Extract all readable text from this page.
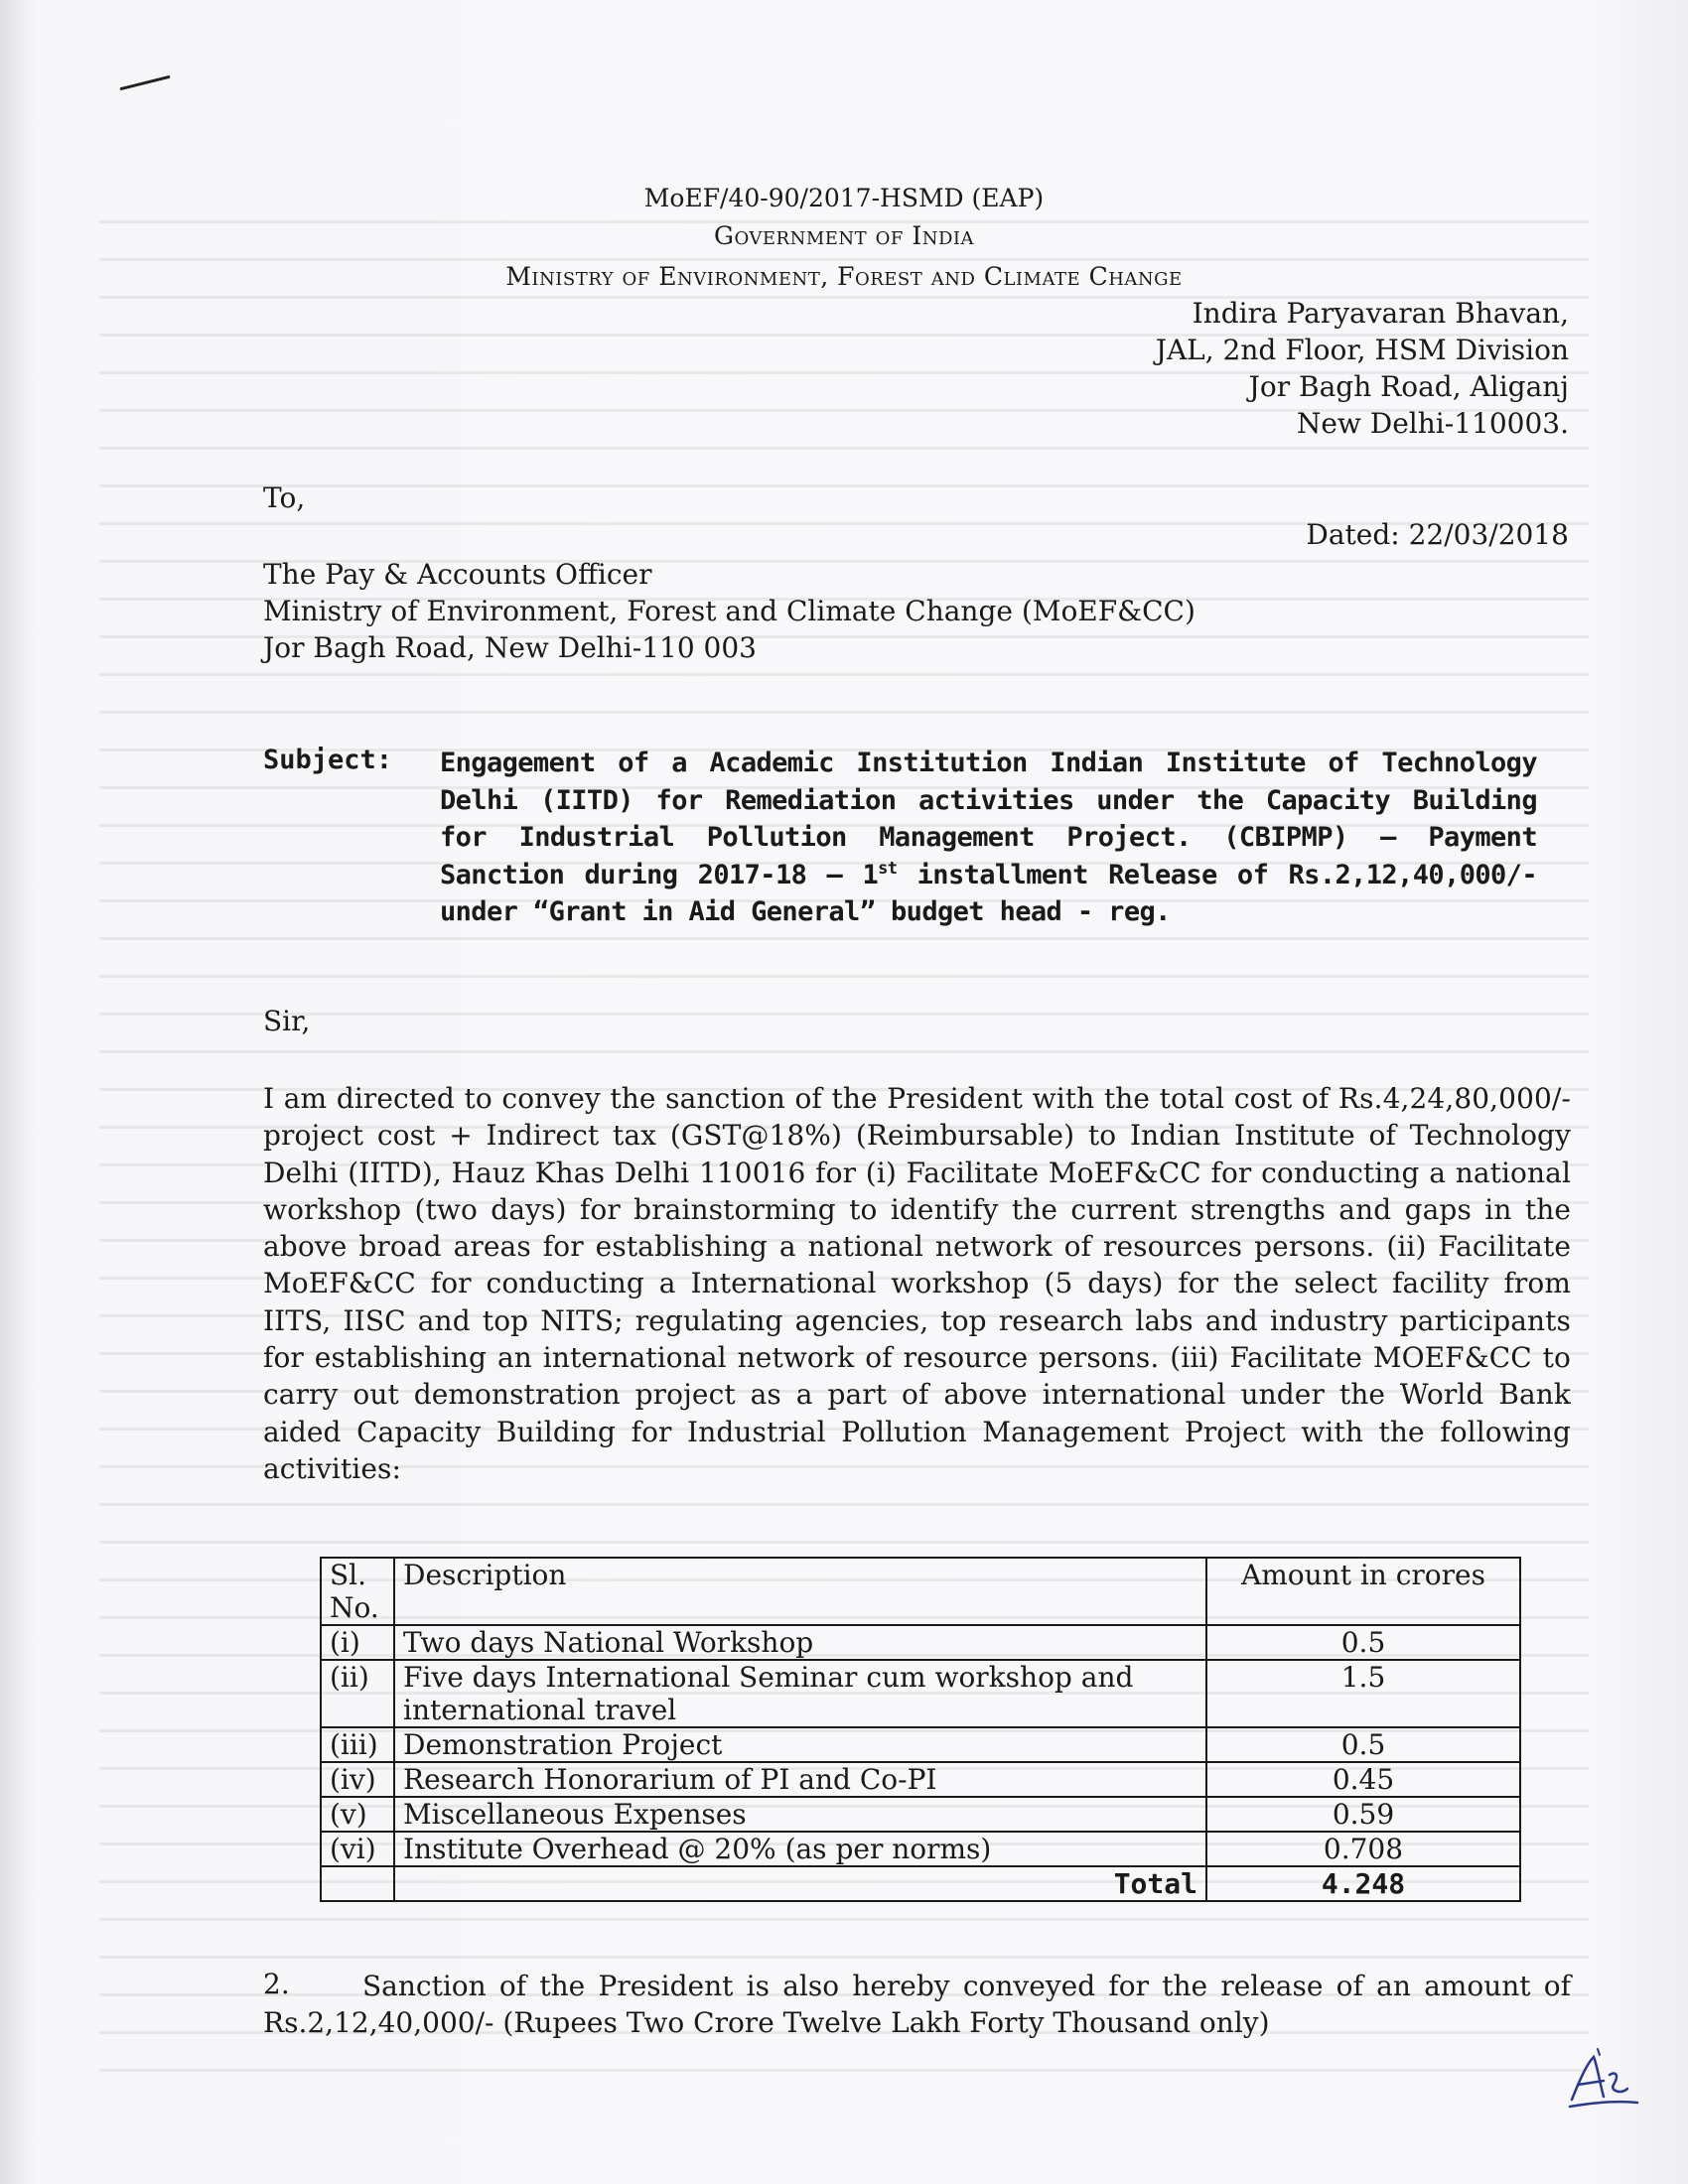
MoEF/40-90/2017-HSMD (EAP)
Government of India
Ministry of Environment, Forest and Climate Change
Indira Paryavaran Bhavan,
JAL, 2nd Floor, HSM Division
Jor Bagh Road, Aliganj
New Delhi-110003.
To,
Dated: 22/03/2018
The Pay & Accounts Officer
Ministry of Environment, Forest and Climate Change (MoEF&CC)
Jor Bagh Road, New Delhi-110 003
Subject: Engagement of a Academic Institution Indian Institute of Technology Delhi (IITD) for Remediation activities under the Capacity Building for Industrial Pollution Management Project. (CBIPMP) – Payment Sanction during 2017-18 – 1st installment Release of Rs.2,12,40,000/- under “Grant in Aid General” budget head - reg.
Sir,
I am directed to convey the sanction of the President with the total cost of Rs.4,24,80,000/- project cost + Indirect tax (GST@18%) (Reimbursable) to Indian Institute of Technology Delhi (IITD), Hauz Khas Delhi 110016 for (i) Facilitate MoEF&CC for conducting a national workshop (two days) for brainstorming to identify the current strengths and gaps in the above broad areas for establishing a national network of resources persons. (ii) Facilitate MoEF&CC for conducting a International workshop (5 days) for the select facility from IITS, IISC and top NITS; regulating agencies, top research labs and industry participants for establishing an international network of resource persons. (iii) Facilitate MOEF&CC to carry out demonstration project as a part of above international under the World Bank aided Capacity Building for Industrial Pollution Management Project with the following activities:
Sl. No.	Description	Amount in crores
(i)	Two days National Workshop	0.5
(ii)	Five days International Seminar cum workshop and international travel	1.5
(iii)	Demonstration Project	0.5
(iv)	Research Honorarium of PI and Co-PI	0.45
(v)	Miscellaneous Expenses	0.59
(vi)	Institute Overhead @ 20% (as per norms)	0.708
	Total	4.248
Sanction of the President is also hereby conveyed for the release of an amount of Rs.2,12,40,000/- (Rupees Two Crore Twelve Lakh Forty Thousand only)
2.
